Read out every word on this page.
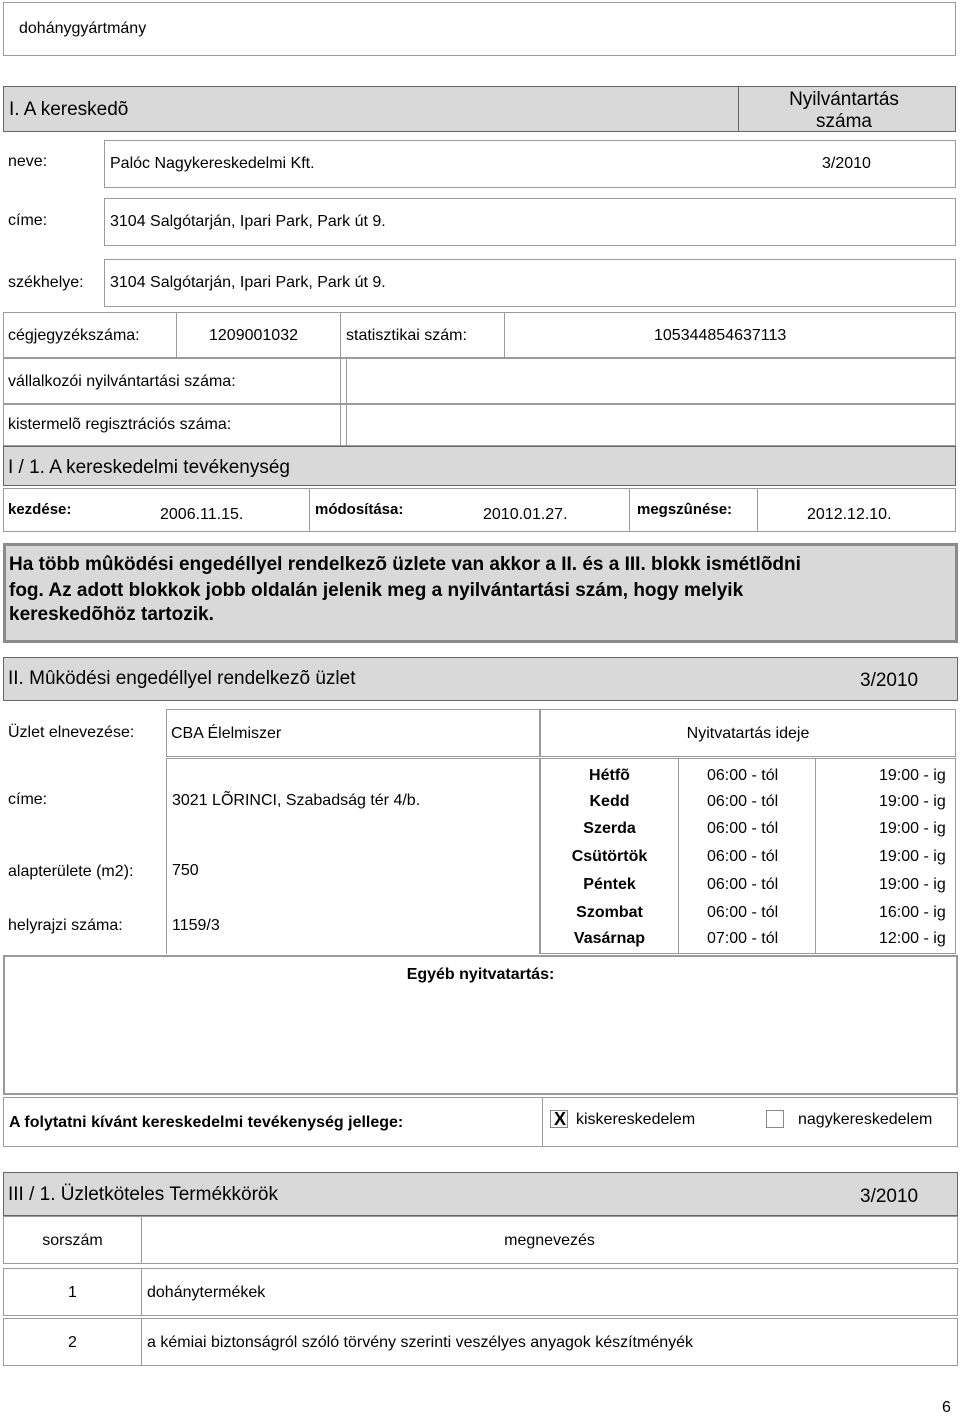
dohánygyártmány
I. A kereskedõ	Nyilvántartás száma
neve:	Palóc Nagykereskedelmi Kft.	3/2010
címe:	3104 Salgótarján, Ipari Park, Park út 9.
székhelye: 3104 Salgótarján, Ipari Park, Park út 9.
cégjegyzékszáma:	1209001032	statisztikai szám:	105344854637113
vállalkozói nyilvántartási száma:
kistermelõ regisztrációs száma:
I / 1. A kereskedelmi tevékenység
kezdése:	2006.11.15.	módosítása:	2010.01.27.	megszûnése:	2012.12.10.
Ha több mûködési engedéllyel rendelkezõ üzlete van akkor a II. és a III. blokk ismétlõdni
fog. Az adott blokkok jobb oldalán jelenik meg a nyilvántartási szám, hogy melyik
kereskedõhöz tartozik.
II. Mûködési engedéllyel rendelkezõ üzlet	3/2010
Üzlet elnevezése: CBA Élelmiszer	Nyitvatartás ideje
címe:	3021 LÕRINCI, Szabadság tér 4/b.
alapterülete (m2): 750
helyrajzi száma:	1159/3
Hétfõ	06:00 - tól	19:00 - ig
Kedd	06:00 - tól	19:00 - ig
Szerda	06:00 - tól	19:00 - ig
Csütörtök	06:00 - tól	19:00 - ig
Péntek	06:00 - tól	19:00 - ig
Szombat	06:00 - tól	16:00 - ig
Vasárnap	07:00 - tól	12:00 - ig
Egyéb nyitvatartás:
A folytatni kívánt kereskedelmi tevékenység jellege:	X kiskereskedelem	nagykereskedelem
III / 1. Üzletköteles Termékkörök	3/2010
sorszám	megnevezés
1	dohánytermékek
2	a kémiai biztonságról szóló törvény szerinti veszélyes anyagok készítményék
6
